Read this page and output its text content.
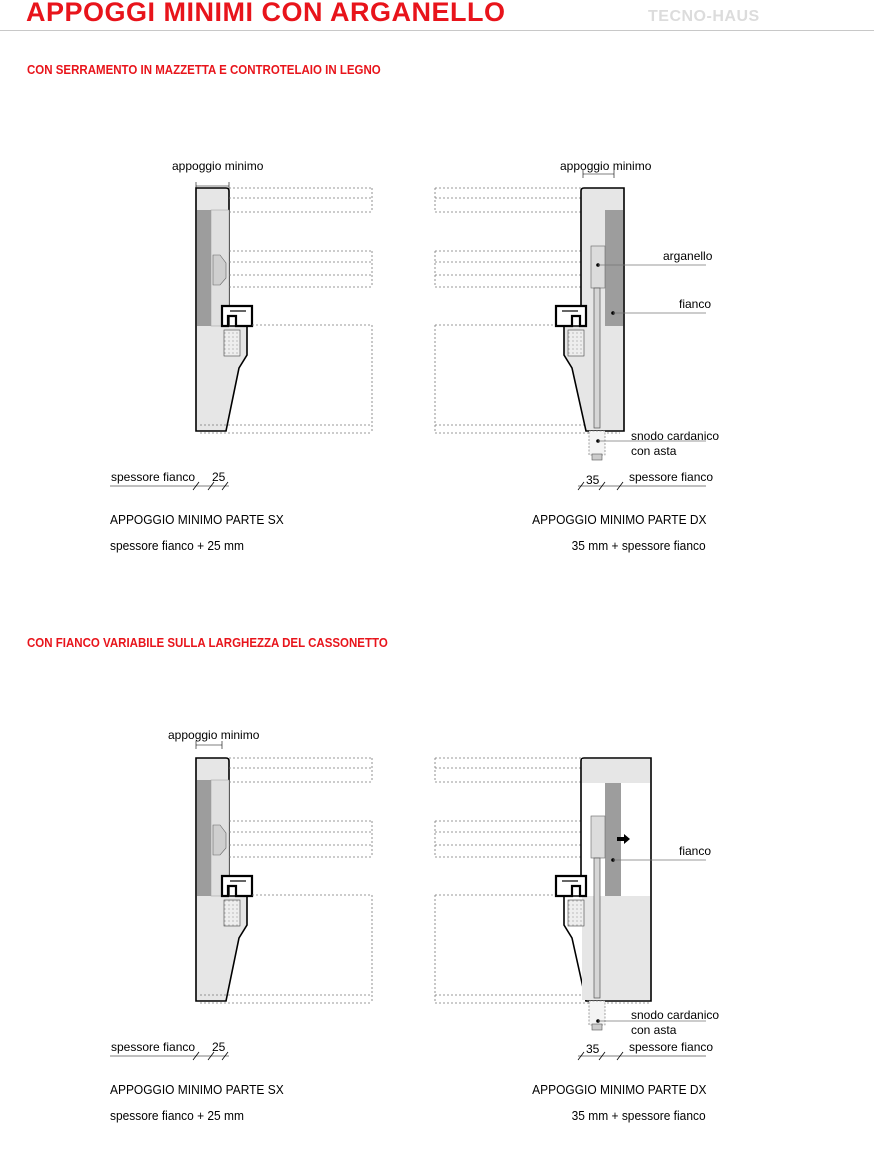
APPOGGI MINIMI CON ARGANELLO	TECNO-HAUS
CON SERRAMENTO IN MAZZETTA E CONTROTELAIO IN LEGNO
CON FIANCO VARIABILE SULLA LARGHEZZA DEL CASSONETTO
appoggio minimo
spessore fianco 25
appoggio minimo
arganello
fianco
snodo cardanico
con asta
35 spessore fianco
appoggio minimo
spessore fianco 25
fianco
snodo cardanico
con asta
35 spessore fianco
APPOGGIO MINIMO PARTE SX
spessore fianco + 25 mm
APPOGGIO MINIMO PARTE DX
35 mm + spessore fianco
APPOGGIO MINIMO PARTE SX
spessore fianco + 25 mm
APPOGGIO MINIMO PARTE DX
35 mm + spessore fianco
